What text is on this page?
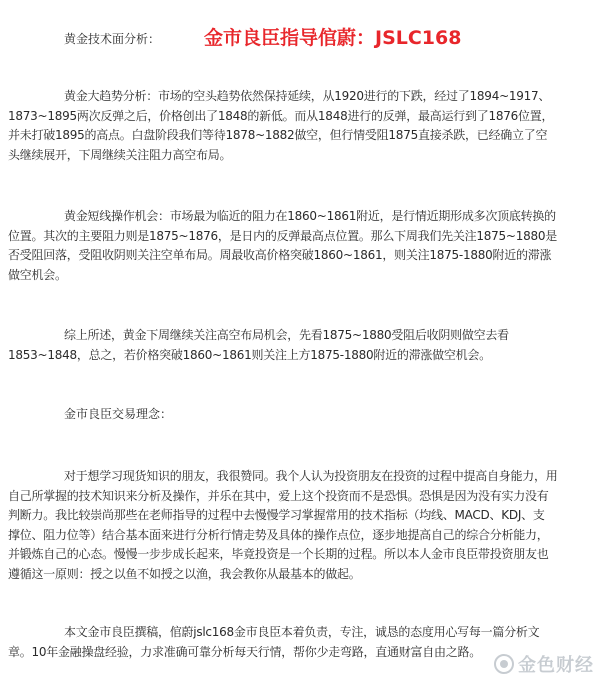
黄金技术面分析： 金市良臣指导倌蔚：JSLC168
黄金大趋势分析：市场的空头趋势依然保持延续，从1920进行的下跌，经过了1894~1917、
1873~1895两次反弹之后，价格创出了1848的新低。而从1848进行的反弹，最高运行到了1876位置，
并未打破1895的高点。白盘阶段我们等待1878~1882做空，但行情受阻1875直接杀跌，已经确立了空
头继续展开，下周继续关注阻力高空布局。
黄金短线操作机会：市场最为临近的阻力在1860~1861附近，是行情近期形成多次顶底转换的
位置。其次的主要阻力则是1875~1876，是日内的反弹最高点位置。那么下周我们先关注1875~1880是
否受阻回落，受阻收阴则关注空单布局。周最收高价格突破1860~1861，则关注1875-1880附近的滞涨
做空机会。
综上所述，黄金下周继续关注高空布局机会，先看1875~1880受阻后收阴则做空去看
1853~1848，总之，若价格突破1860~1861则关注上方1875-1880附近的滞涨做空机会。
金市良臣交易理念：
对于想学习现货知识的朋友，我很赞同。我个人认为投资朋友在投资的过程中提高自身能力，用
自己所掌握的技术知识来分析及操作，并乐在其中，爱上这个投资而不是恐惧。恐惧是因为没有实力没有
判断力。我比较崇尚那些在老师指导的过程中去慢慢学习掌握常用的技术指标（均线、MACD、KDJ、支
撑位、阻力位等）结合基本面来进行分析行情走势及具体的操作点位，逐步地提高自己的综合分析能力，
并锻炼自己的心态。慢慢一步步成长起来，毕竟投资是一个长期的过程。所以本人金市良臣带投资朋友也
遵循这一原则：授之以鱼不如授之以渔，我会教你从最基本的做起。
本文金市良臣撰稿，倌蔚jslc168金市良臣本着负责，专注，诚恳的态度用心写每一篇分析文
章。10年金融操盘经验，力求准确可靠分析每天行情，帮你少走弯路，直通财富自由之路。
金色财经
